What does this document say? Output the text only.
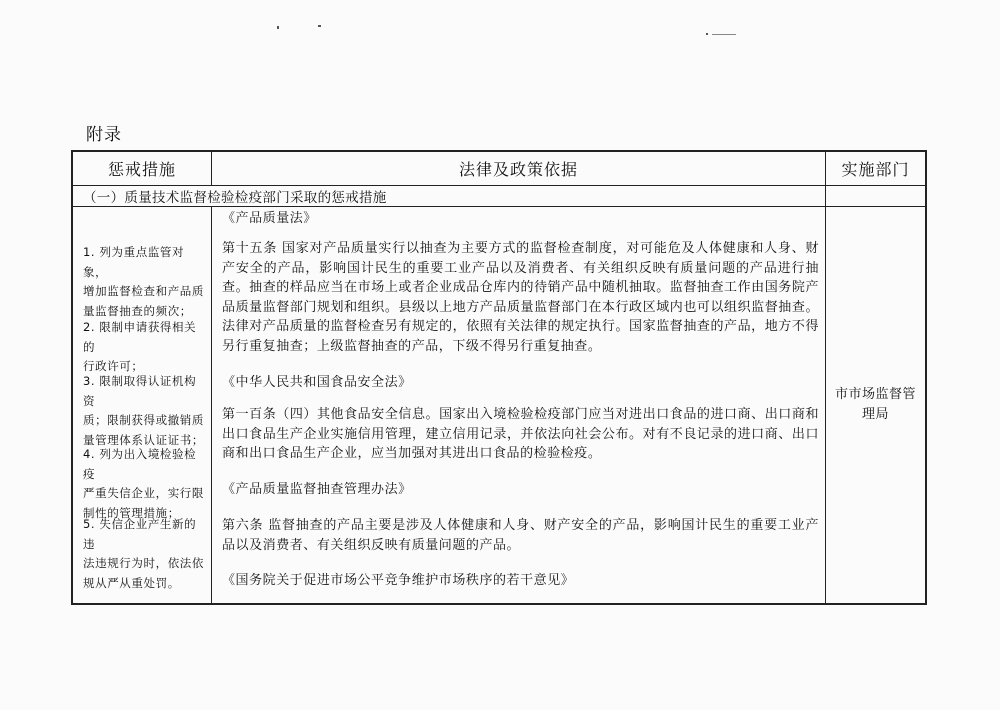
附录
惩戒措施	法律及政策依据	实施部门
（一）质量技术监督检验检疫部门采取的惩戒措施

1. 列为重点监管对象，
增加监督检查和产品质
量监督抽查的频次；

2. 限制申请获得相关的
行政许可；

3. 限制取得认证机构资
质；限制获得或撤销质
量管理体系认证证书；

4. 列为出入境检验检疫
严重失信企业，实行限
制性的管理措施；

5. 失信企业产生新的违
法违规行为时，依法依
规从严从重处罚。

《产品质量法》
第十五条 国家对产品质量实行以抽查为主要方式的监督检查制度，对可能危及人体健康和人身、财产安全的产品，影响国计民生的重要工业产品以及消费者、有关组织反映有质量问题的产品进行抽查。抽查的样品应当在市场上或者企业成品仓库内的待销产品中随机抽取。监督抽查工作由国务院产品质量监督部门规划和组织。县级以上地方产品质量监督部门在本行政区域内也可以组织监督抽查。法律对产品质量的监督检查另有规定的，依照有关法律的规定执行。国家监督抽查的产品，地方不得另行重复抽查；上级监督抽查的产品，下级不得另行重复抽查。
《中华人民共和国食品安全法》
第一百条（四）其他食品安全信息。国家出入境检验检疫部门应当对进出口食品的进口商、出口商和出口食品生产企业实施信用管理，建立信用记录，并依法向社会公布。对有不良记录的进口商、出口商和出口食品生产企业，应当加强对其进出口食品的检验检疫。
《产品质量监督抽查管理办法》
第六条 监督抽查的产品主要是涉及人体健康和人身、财产安全的产品，影响国计民生的重要工业产品以及消费者、有关组织反映有质量问题的产品。
《国务院关于促进市场公平竞争维护市场秩序的若干意见》
市市场监督管
理局
